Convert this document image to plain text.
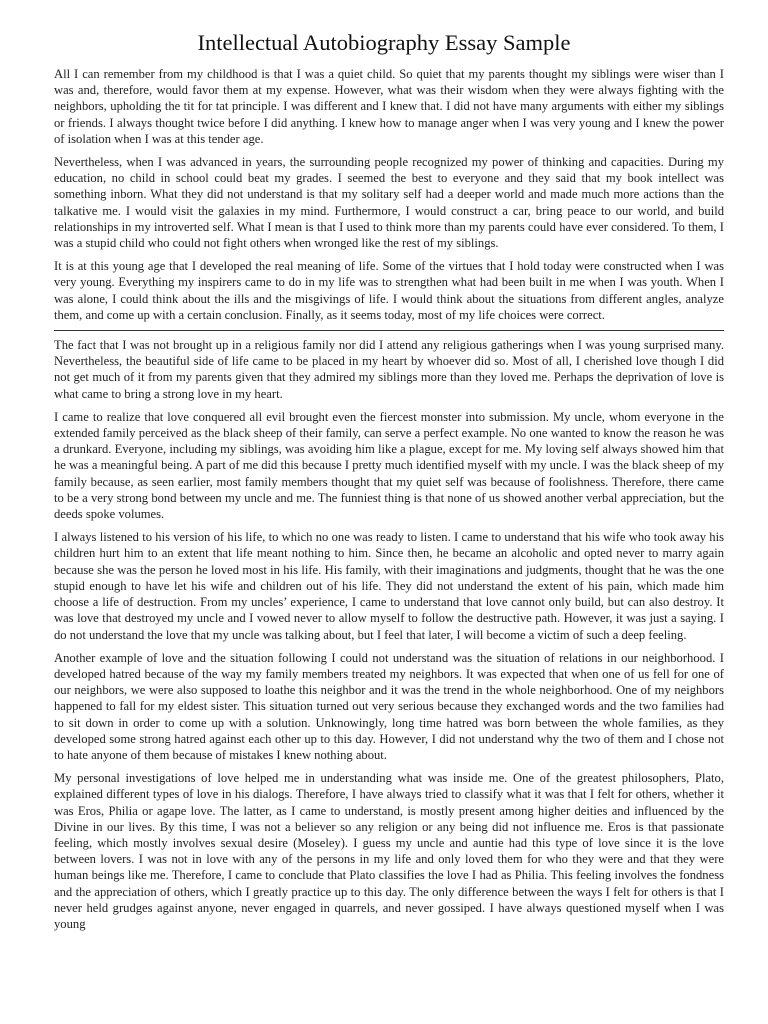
Intellectual Autobiography Essay Sample

All I can remember from my childhood is that I was a quiet child. So quiet that my parents thought my siblings were wiser than I was and, therefore, would favor them at my expense. However, what was their wisdom when they were always fighting with the neighbors, upholding the tit for tat principle. I was different and I knew that. I did not have many arguments with either my siblings or friends. I always thought twice before I did anything. I knew how to manage anger when I was very young and I knew the power of isolation when I was at this tender age.

Nevertheless, when I was advanced in years, the surrounding people recognized my power of thinking and capacities. During my education, no child in school could beat my grades. I seemed the best to everyone and they said that my book intellect was something inborn. What they did not understand is that my solitary self had a deeper world and made much more actions than the talkative me. I would visit the galaxies in my mind. Furthermore, I would construct a car, bring peace to our world, and build relationships in my introverted self. What I mean is that I used to think more than my parents could have ever considered. To them, I was a stupid child who could not fight others when wronged like the rest of my siblings.

It is at this young age that I developed the real meaning of life. Some of the virtues that I hold today were constructed when I was very young. Everything my inspirers came to do in my life was to strengthen what had been built in me when I was youth. When I was alone, I could think about the ills and the misgivings of life. I would think about the situations from different angles, analyze them, and come up with a certain conclusion. Finally, as it seems today, most of my life choices were correct.

The fact that I was not brought up in a religious family nor did I attend any religious gatherings when I was young surprised many. Nevertheless, the beautiful side of life came to be placed in my heart by whoever did so. Most of all, I cherished love though I did not get much of it from my parents given that they admired my siblings more than they loved me. Perhaps the deprivation of love is what came to bring a strong love in my heart.

I came to realize that love conquered all evil brought even the fiercest monster into submission. My uncle, whom everyone in the extended family perceived as the black sheep of their family, can serve a perfect example. No one wanted to know the reason he was a drunkard. Everyone, including my siblings, was avoiding him like a plague, except for me. My loving self always showed him that he was a meaningful being. A part of me did this because I pretty much identified myself with my uncle. I was the black sheep of my family because, as seen earlier, most family members thought that my quiet self was because of foolishness. Therefore, there came to be a very strong bond between my uncle and me. The funniest thing is that none of us showed another verbal appreciation, but the deeds spoke volumes.

I always listened to his version of his life, to which no one was ready to listen. I came to understand that his wife who took away his children hurt him to an extent that life meant nothing to him. Since then, he became an alcoholic and opted never to marry again because she was the person he loved most in his life. His family, with their imaginations and judgments, thought that he was the one stupid enough to have let his wife and children out of his life. They did not understand the extent of his pain, which made him choose a life of destruction. From my uncles’ experience, I came to understand that love cannot only build, but can also destroy. It was love that destroyed my uncle and I vowed never to allow myself to follow the destructive path. However, it was just a saying. I do not understand the love that my uncle was talking about, but I feel that later, I will become a victim of such a deep feeling.

Another example of love and the situation following I could not understand was the situation of relations in our neighborhood. I developed hatred because of the way my family members treated my neighbors. It was expected that when one of us fell for one of our neighbors, we were also supposed to loathe this neighbor and it was the trend in the whole neighborhood. One of my neighbors happened to fall for my eldest sister. This situation turned out very serious because they exchanged words and the two families had to sit down in order to come up with a solution. Unknowingly, long time hatred was born between the whole families, as they developed some strong hatred against each other up to this day. However, I did not understand why the two of them and I chose not to hate anyone of them because of mistakes I knew nothing about.

My personal investigations of love helped me in understanding what was inside me. One of the greatest philosophers, Plato, explained different types of love in his dialogs. Therefore, I have always tried to classify what it was that I felt for others, whether it was Eros, Philia or agape love. The latter, as I came to understand, is mostly present among higher deities and influenced by the Divine in our lives. By this time, I was not a believer so any religion or any being did not influence me. Eros is that passionate feeling, which mostly involves sexual desire (Moseley). I guess my uncle and auntie had this type of love since it is the love between lovers. I was not in love with any of the persons in my life and only loved them for who they were and that they were human beings like me. Therefore, I came to conclude that Plato classifies the love I had as Philia. This feeling involves the fondness and the appreciation of others, which I greatly practice up to this day. The only difference between the ways I felt for others is that I never held grudges against anyone, never engaged in quarrels, and never gossiped. I have always questioned myself when I was young
